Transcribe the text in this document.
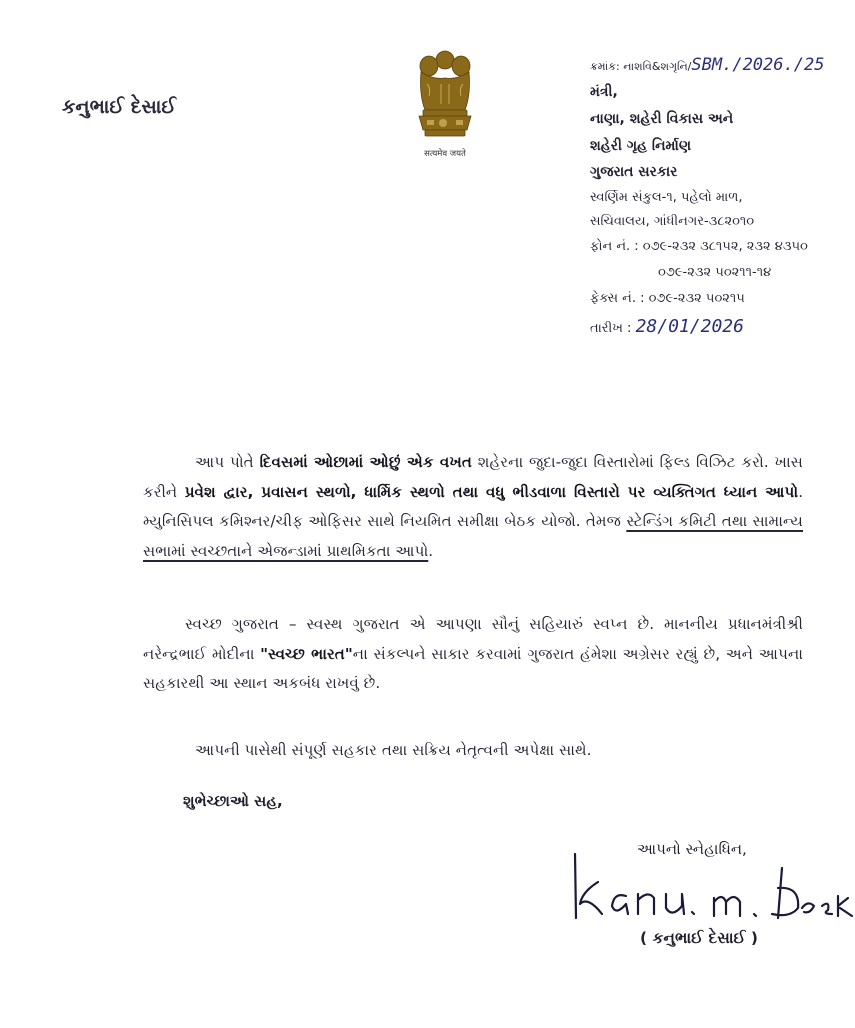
કનુભાઈ દેસાઈ
सत्यमेव जयते
ક્રમાંક: નાશવિ&શગૃનિ/SBM./2026./25
મંત્રી,
નાણા, શહેરી વિકાસ અને
શહેરી ગૃહ નિર્માણ
ગુજરાત સરકાર
સ્વર્ણિમ સંકુલ-૧, પહેલો માળ,
સચિવાલય, ગાંધીનગર-૩૮૨૦૧૦
ફોન નં. : ૦૭૯-૨૩૨ ૩૮૧૫૨, ૨૩૨ ૪૩૫૦
૦૭૯-૨૩૨ ૫૦૨૧૧-૧૪
ફેક્સ નં. : ૦૭૯-૨૩૨ ૫૦૨૧૫
તારીખ : 28/01/2026
આપ પોતે દિવસમાં ઓછામાં ઓછું એક વખત શહેરના જુદા-જુદા વિસ્તારોમાં ફિલ્ડ વિઝિટ કરો. ખાસ કરીને પ્રવેશ દ્વાર, પ્રવાસન સ્થળો, ધાર્મિક સ્થળો તથા વધુ ભીડવાળા વિસ્તારો પર વ્યક્તિગત ધ્યાન આપો. મ્યુનિસિપલ કમિશ્નર/ચીફ ઓફિસર સાથે નિયમિત સમીક્ષા બેઠક યોજો. તેમજ સ્ટેન્ડિંગ કમિટી તથા સામાન્ય સભામાં સ્વચ્છતાને એજન્ડામાં પ્રાથમિકતા આપો.
સ્વચ્છ ગુજરાત – સ્વસ્થ ગુજરાત એ આપણા સૌનું સહિયારું સ્વપ્ન છે. માનનીય પ્રધાનમંત્રીશ્રી નરેન્દ્રભાઈ મોદીના "સ્વચ્છ ભારત"ના સંકલ્પને સાકાર કરવામાં ગુજરાત હંમેશા અગ્રેસર રહ્યું છે, અને આપના સહકારથી આ સ્થાન અકબંધ રાખવું છે.
આપની પાસેથી સંપૂર્ણ સહકાર તથા સક્રિય નેતૃત્વની અપેક્ષા સાથે.
શુભેચ્છાઓ સહ,
આપનો સ્નેહાધિન,
( કનુભાઈ દેસાઈ )
